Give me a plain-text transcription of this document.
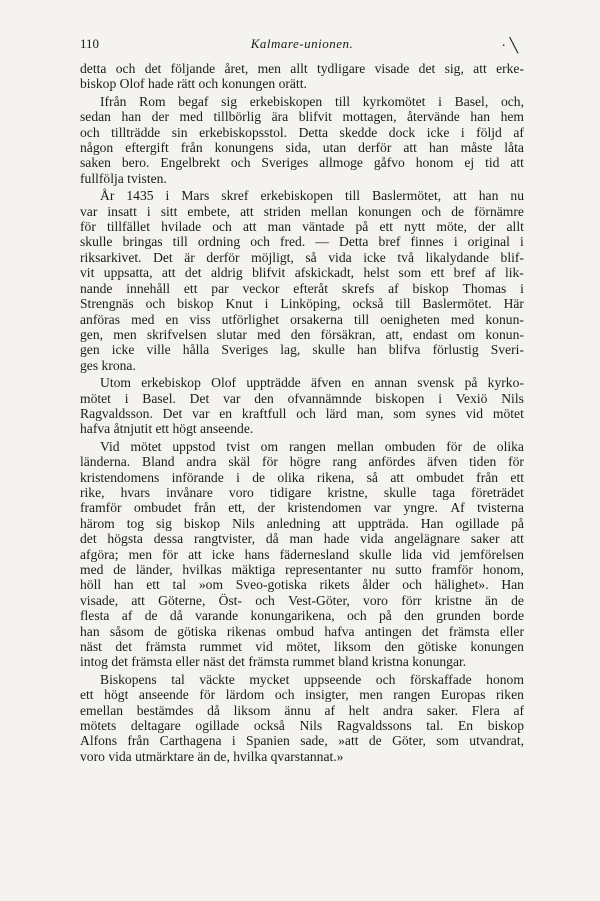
110	Kalmare-unionen.	· ╲
detta och det följande året, men allt tydligare visade det sig, att erke-
biskop Olof hade rätt och konungen orätt.
Ifrån Rom begaf sig erkebiskopen till kyrkomötet i Basel, och,
sedan han der med tillbörlig ära blifvit mottagen, återvände han hem
och tillträdde sin erkebiskopsstol. Detta skedde dock icke i följd af
någon eftergift från konungens sida, utan derför att han måste låta
saken bero. Engelbrekt och Sveriges allmoge gåfvo honom ej tid att
fullfölja tvisten.
År 1435 i Mars skref erkebiskopen till Baslermötet, att han nu
var insatt i sitt embete, att striden mellan konungen och de förnämre
för tillfället hvilade och att man väntade på ett nytt möte, der allt
skulle bringas till ordning och fred. — Detta bref finnes i original i
riksarkivet. Det är derför möjligt, så vida icke två likalydande blif-
vit uppsatta, att det aldrig blifvit afskickadt, helst som ett bref af lik-
nande innehåll ett par veckor efteråt skrefs af biskop Thomas i
Strengnäs och biskop Knut i Linköping, också till Baslermötet. Här
anföras med en viss utförlighet orsakerna till oenigheten med konun-
gen, men skrifvelsen slutar med den försäkran, att, endast om konun-
gen icke ville hålla Sveriges lag, skulle han blifva förlustig Sveri-
ges krona.
Utom erkebiskop Olof uppträdde äfven en annan svensk på kyrko-
mötet i Basel. Det var den ofvannämnde biskopen i Vexiö Nils
Ragvaldsson. Det var en kraftfull och lärd man, som synes vid mötet
hafva åtnjutit ett högt anseende.
Vid mötet uppstod tvist om rangen mellan ombuden för de olika
länderna. Bland andra skäl för högre rang anfördes äfven tiden för
kristendomens införande i de olika rikena, så att ombudet från ett
rike, hvars invånare voro tidigare kristne, skulle taga företrädet
framför ombudet från ett, der kristendomen var yngre. Af tvisterna
härom tog sig biskop Nils anledning att uppträda. Han ogillade på
det högsta dessa rangtvister, då man hade vida angelägnare saker att
afgöra; men för att icke hans fädernesland skulle lida vid jemförelsen
med de länder, hvilkas mäktiga representanter nu sutto framför honom,
höll han ett tal »om Sveo-gotiska rikets ålder och hälighet». Han
visade, att Göterne, Öst- och Vest-Göter, voro förr kristne än de
flesta af de då varande konungarikena, och på den grunden borde
han såsom de götiska rikenas ombud hafva antingen det främsta eller
näst det främsta rummet vid mötet, liksom den götiske konungen
intog det främsta eller näst det främsta rummet bland kristna konungar.
Biskopens tal väckte mycket uppseende och förskaffade honom
ett högt anseende för lärdom och insigter, men rangen Europas riken
emellan bestämdes då liksom ännu af helt andra saker. Flera af
mötets deltagare ogillade också Nils Ragvaldssons tal. En biskop
Alfons från Carthagena i Spanien sade, »att de Göter, som utvandrat,
voro vida utmärktare än de, hvilka qvarstannat.»
